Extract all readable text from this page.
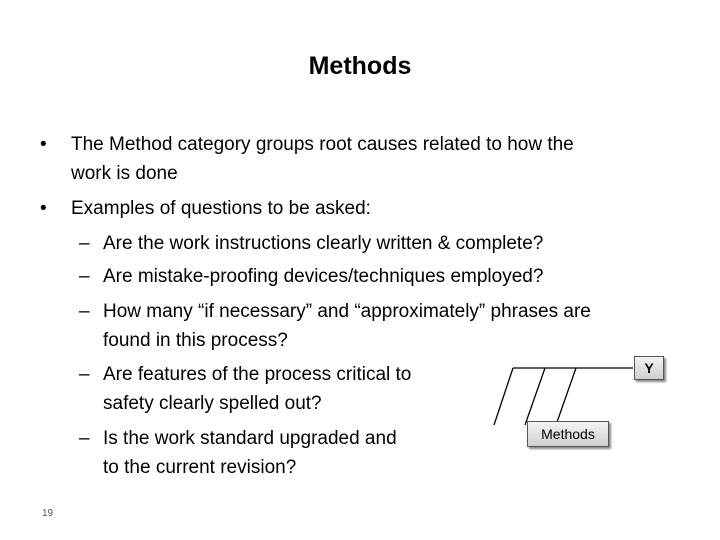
Methods
• The Method category groups root causes related to how the
work is done
• Examples of questions to be asked:
– Are the work instructions clearly written & complete?
– Are mistake-proofing devices/techniques employed?
– How many “if necessary” and “approximately” phrases are
found in this process?
– Are features of the process critical to
safety clearly spelled out?
– Is the work standard upgraded and
to the current revision?
Y
Methods
19
